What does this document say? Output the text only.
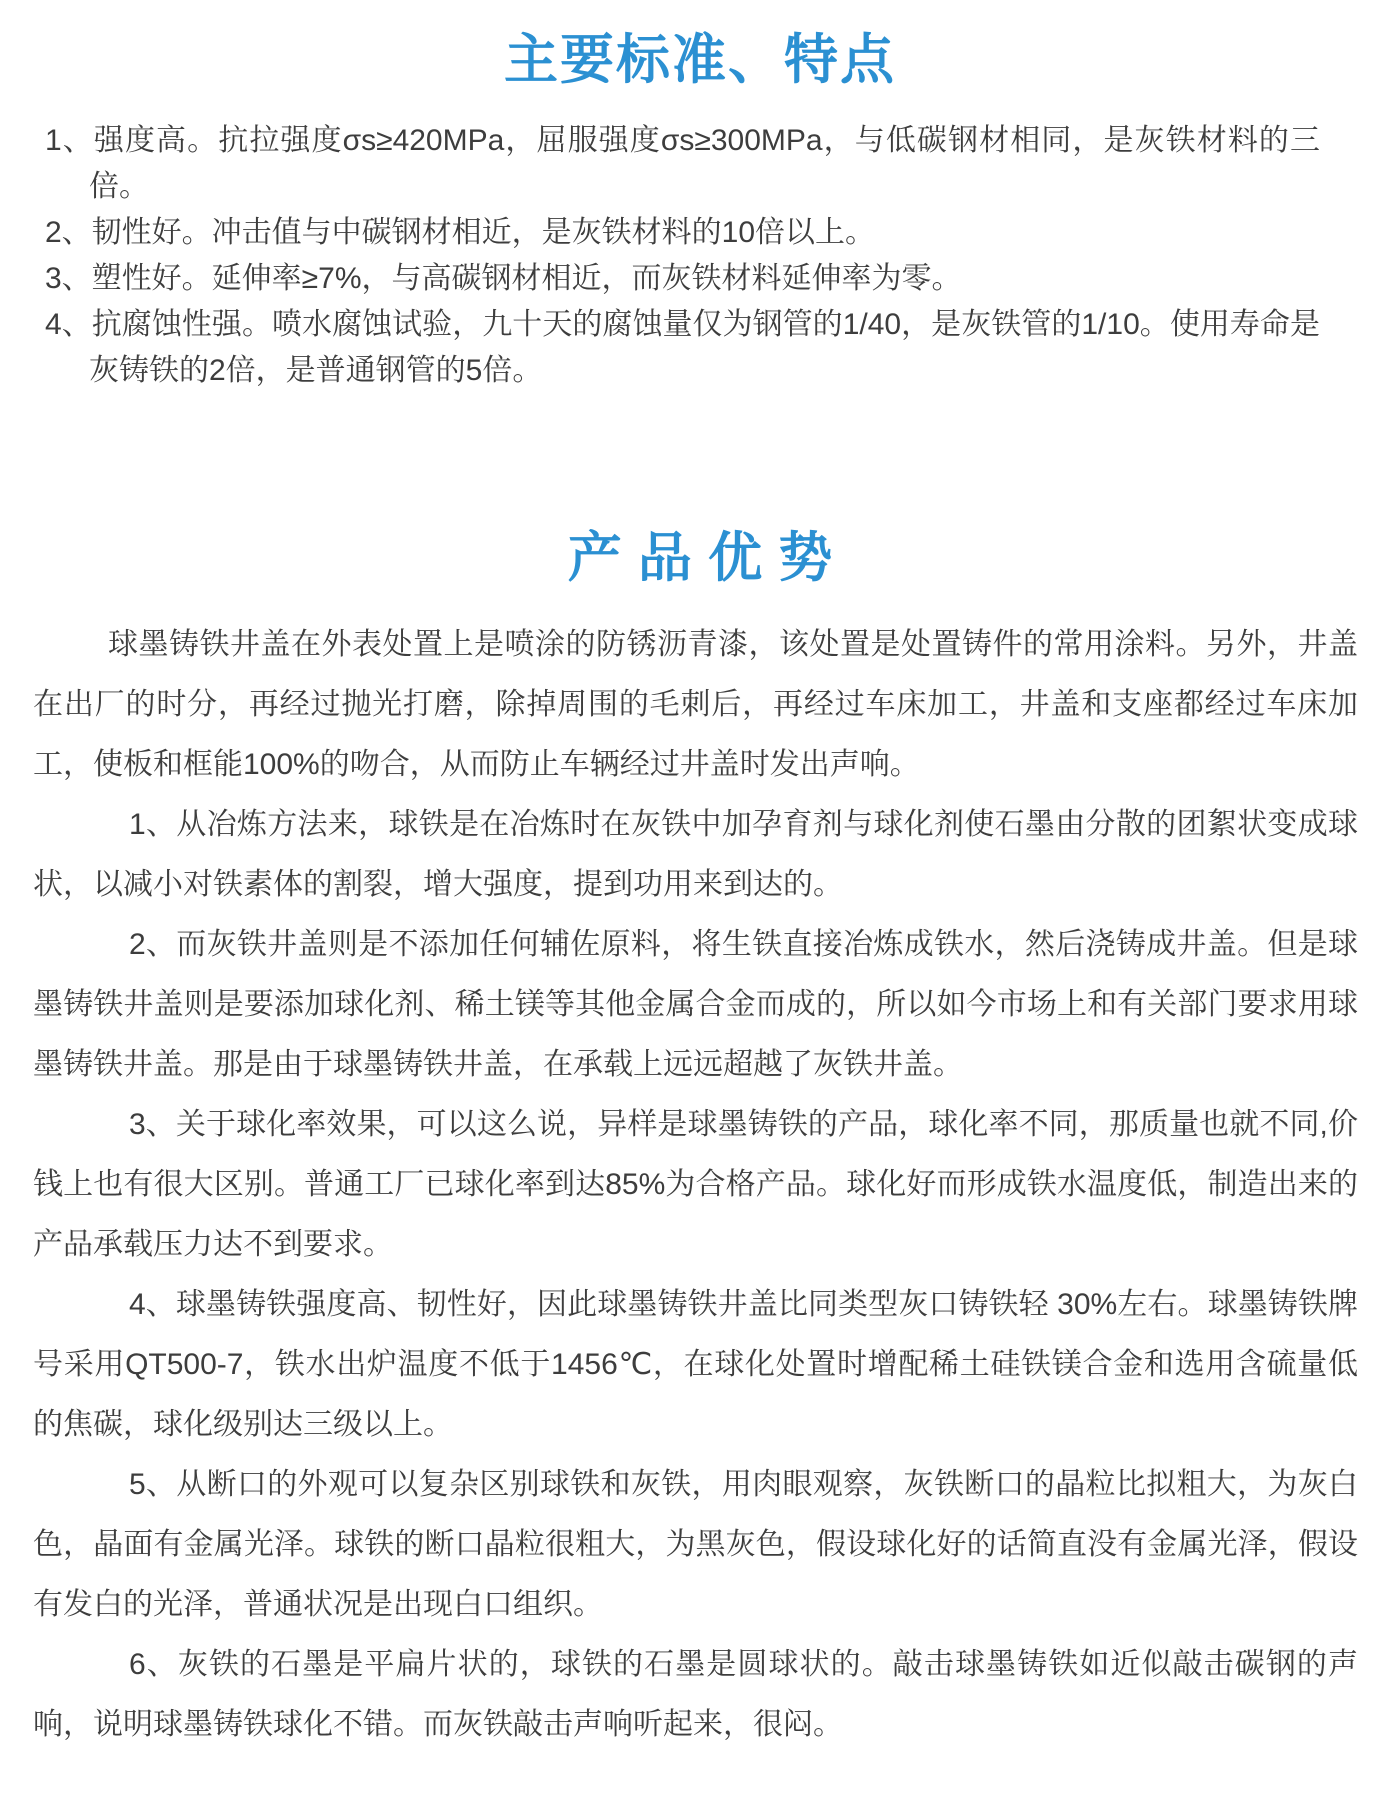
主要标准、特点
1、强度高。抗拉强度σs≥420MPa，屈服强度σs≥300MPa，与低碳钢材相同，是灰铁材料的三倍。
2、韧性好。冲击值与中碳钢材相近，是灰铁材料的10倍以上。
3、塑性好。延伸率≥7%，与高碳钢材相近，而灰铁材料延伸率为零。
4、抗腐蚀性强。喷水腐蚀试验，九十天的腐蚀量仅为钢管的1/40，是灰铁管的1/10。使用寿命是灰铸铁的2倍，是普通钢管的5倍。
产品优势

球墨铸铁井盖在外表处置上是喷涂的防锈沥青漆，该处置是处置铸件的常用涂料。另外，井盖在出厂的时分，再经过抛光打磨，除掉周围的毛刺后，再经过车床加工，井盖和支座都经过车床加工，使板和框能100%的吻合，从而防止车辆经过井盖时发出声响。

1、从冶炼方法来，球铁是在冶炼时在灰铁中加孕育剂与球化剂使石墨由分散的团絮状变成球状，以减小对铁素体的割裂，增大强度，提到功用来到达的。

2、而灰铁井盖则是不添加任何辅佐原料，将生铁直接冶炼成铁水，然后浇铸成井盖。但是球墨铸铁井盖则是要添加球化剂、稀土镁等其他金属合金而成的，所以如今市场上和有关部门要求用球墨铸铁井盖。那是由于球墨铸铁井盖，在承载上远远超越了灰铁井盖。

3、关于球化率效果，可以这么说，异样是球墨铸铁的产品，球化率不同，那质量也就不同,价钱上也有很大区别。普通工厂已球化率到达85%为合格产品。球化好而形成铁水温度低，制造出来的产品承载压力达不到要求。

4、球墨铸铁强度高、韧性好，因此球墨铸铁井盖比同类型灰口铸铁轻 30%左右。球墨铸铁牌号采用QT500-7，铁水出炉温度不低于1456℃，在球化处置时增配稀土硅铁镁合金和选用含硫量低的焦碳，球化级别达三级以上。

5、从断口的外观可以复杂区别球铁和灰铁，用肉眼观察，灰铁断口的晶粒比拟粗大，为灰白色，晶面有金属光泽。球铁的断口晶粒很粗大，为黑灰色，假设球化好的话简直没有金属光泽，假设有发白的光泽，普通状况是出现白口组织。

6、灰铁的石墨是平扁片状的，球铁的石墨是圆球状的。敲击球墨铸铁如近似敲击碳钢的声响，说明球墨铸铁球化不错。而灰铁敲击声响听起来，很闷。
